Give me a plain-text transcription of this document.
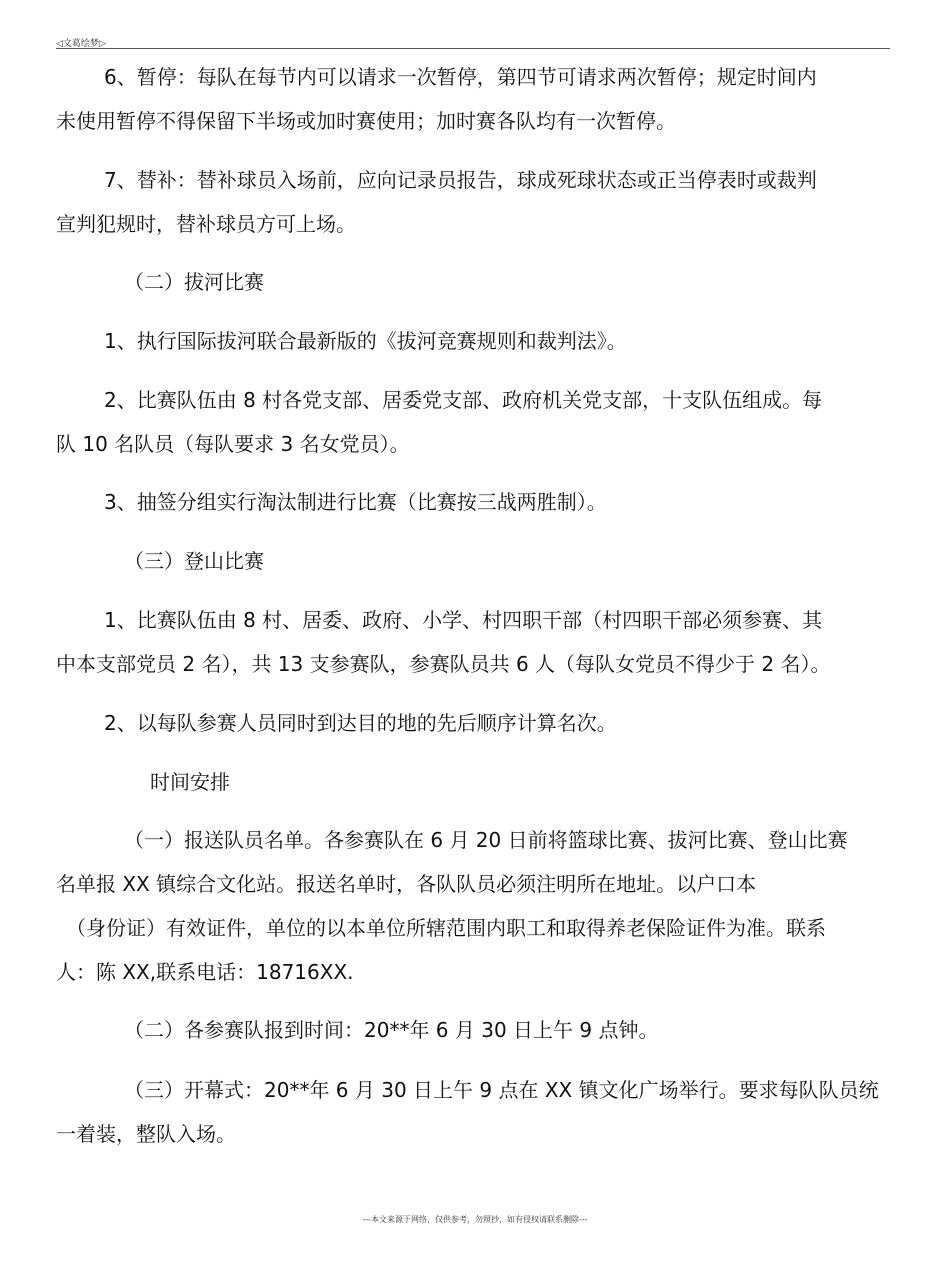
◁文葛绘梦▷
6、暂停：每队在每节内可以请求一次暂停，第四节可请求两次暂停；规定时间内
未使用暂停不得保留下半场或加时赛使用；加时赛各队均有一次暂停。
7、替补：替补球员入场前，应向记录员报告，球成死球状态或正当停表时或裁判
宣判犯规时，替补球员方可上场。
（二）拔河比赛
1、执行国际拔河联合最新版的《拔河竞赛规则和裁判法》。
2、比赛队伍由 8 村各党支部、居委党支部、政府机关党支部，十支队伍组成。每
队 10 名队员（每队要求 3 名女党员）。
3、抽签分组实行淘汰制进行比赛（比赛按三战两胜制）。
（三）登山比赛
1、比赛队伍由 8 村、居委、政府、小学、村四职干部（村四职干部必须参赛、其
中本支部党员 2 名），共 13 支参赛队，参赛队员共 6 人（每队女党员不得少于 2 名）。
2、以每队参赛人员同时到达目的地的先后顺序计算名次。
时间安排
（一）报送队员名单。各参赛队在 6 月 20 日前将篮球比赛、拔河比赛、登山比赛
名单报 XX 镇综合文化站。报送名单时，各队队员必须注明所在地址。以户口本
（身份证）有效证件，单位的以本单位所辖范围内职工和取得养老保险证件为准。联系
人：陈 XX,联系电话：18716XX.
（二）各参赛队报到时间：20**年 6 月 30 日上午 9 点钟。
（三）开幕式：20**年 6 月 30 日上午 9 点在 XX 镇文化广场举行。要求每队队员统
一着装，整队入场。
---本文来源于网络，仅供参考，勿照抄，如有侵权请联系删除---
